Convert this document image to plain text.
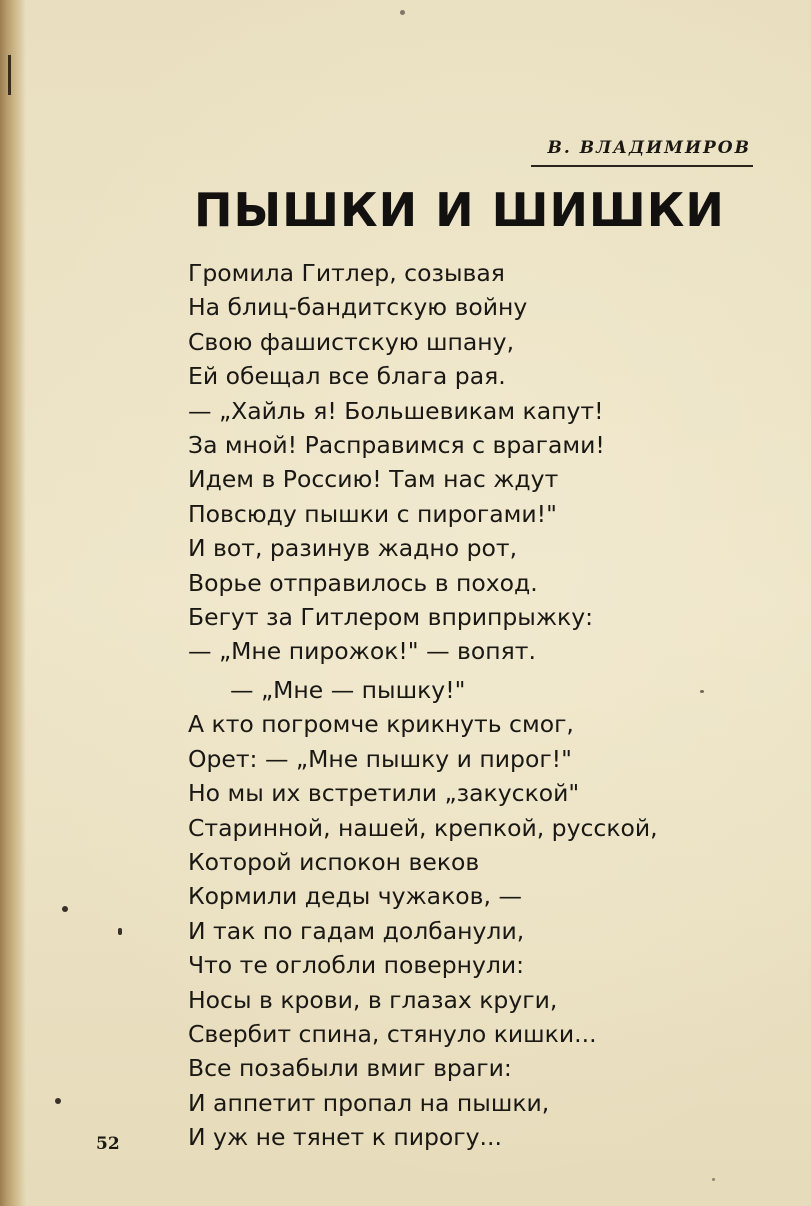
В. ВЛАДИМИРОВ
ПЫШКИ И ШИШКИ
Громила Гитлер, созывая
На блиц-бандитскую войну
Свою фашистскую шпану,
Ей обещал все блага рая.
— „Хайль я! Большевикам капут!
За мной! Расправимся с врагами!
Идем в Россию! Там нас ждут
Повсюду пышки с пирогами!"
И вот, разинув жадно рот,
Ворье отправилось в поход.
Бегут за Гитлером вприпрыжку:
— „Мне пирожок!" — вопят.
— „Мне — пышку!"
А кто погромче крикнуть смог,
Орет: — „Мне пышку и пирог!"
Но мы их встретили „закуской"
Старинной, нашей, крепкой, русской,
Которой испокон веков
Кормили деды чужаков, —
И так по гадам долбанули,
Что те оглобли повернули:
Носы в крови, в глазах круги,
Свербит спина, стянуло кишки...
Все позабыли вмиг враги:
И аппетит пропал на пышки,
И уж не тянет к пирогу...
52
